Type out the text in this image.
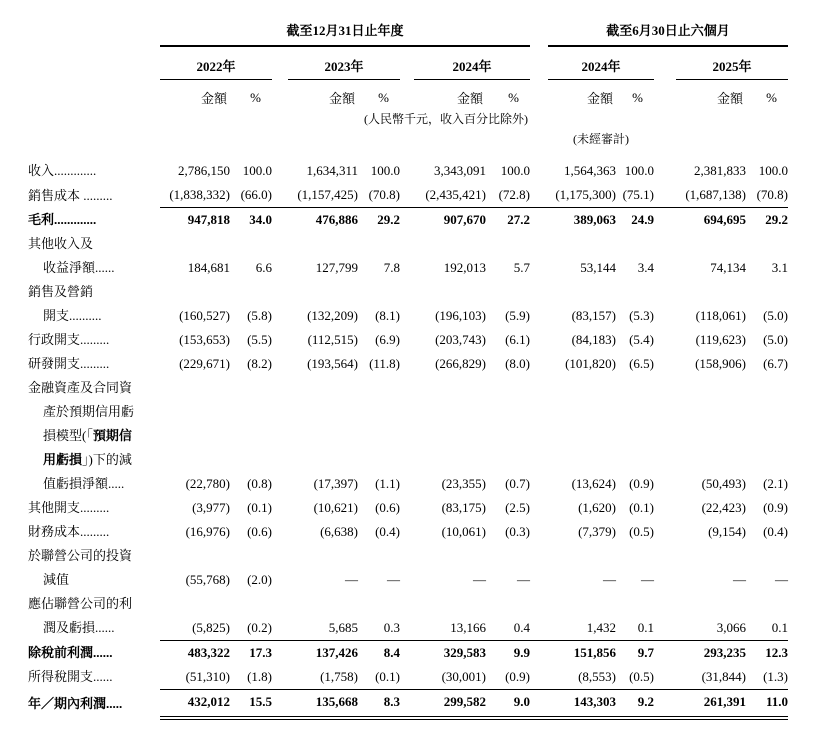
	截至12月31日止年度									截至6月30日止六個月				
	2022年			2023年			2024年			2024年			2025年	
	金額	%		金額	%		金額	%		金額	%		金額	%
	(人民幣千元，收入百分比除外)													
										(未經審計)				

收入.............	2,786,150	100.0		1,634,311	100.0		3,343,091	100.0		1,564,363	100.0		2,381,833	100.0

銷售成本 .........	(1,838,332)	(66.0)		(1,157,425)	(70.8)		(2,435,421)	(72.8)		(1,175,300)	(75.1)		(1,687,138)	(70.8)

毛利.............	947,818	34.0		476,886	29.2		907,670	27.2		389,063	24.9		694,695	29.2

其他收入及
收益淨額......	184,681	6.6		127,799	7.8		192,013	5.7		53,144	3.4		74,134	3.1

銷售及營銷
開支..........	(160,527)	(5.8)		(132,209)	(8.1)		(196,103)	(5.9)		(83,157)	(5.3)		(118,061)	(5.0)

行政開支.........	(153,653)	(5.5)		(112,515)	(6.9)		(203,743)	(6.1)		(84,183)	(5.4)		(119,623)	(5.0)

研發開支.........	(229,671)	(8.2)		(193,564)	(11.8)		(266,829)	(8.0)		(101,820)	(6.5)		(158,906)	(6.7)

金融資產及合同資
產於預期信用虧
損模型(「預期信
用虧損」)下的減
值虧損淨額.....	(22,780)	(0.8)		(17,397)	(1.1)		(23,355)	(0.7)		(13,624)	(0.9)		(50,493)	(2.1)

其他開支.........	(3,977)	(0.1)		(10,621)	(0.6)		(83,175)	(2.5)		(1,620)	(0.1)		(22,423)	(0.9)

財務成本.........	(16,976)	(0.6)		(6,638)	(0.4)		(10,061)	(0.3)		(7,379)	(0.5)		(9,154)	(0.4)

於聯營公司的投資
減值	(55,768)	(2.0)		—	—		—	—		—	—		—	—

應佔聯營公司的利
潤及虧損......	(5,825)	(0.2)		5,685	0.3		13,166	0.4		1,432	0.1		3,066	0.1

除稅前利潤......	483,322	17.3		137,426	8.4		329,583	9.9		151,856	9.7		293,235	12.3

所得稅開支......	(51,310)	(1.8)		(1,758)	(0.1)		(30,001)	(0.9)		(8,553)	(0.5)		(31,844)	(1.3)

年／期內利潤.....	432,012	15.5		135,668	8.3		299,582	9.0		143,303	9.2		261,391	11.0
